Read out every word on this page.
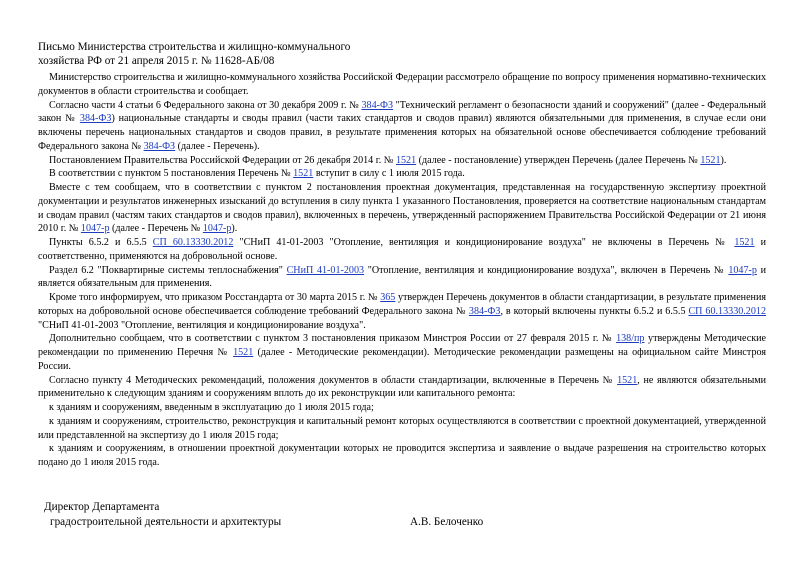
Письмо Министерства строительства и жилищно-коммунального
хозяйства РФ от 21 апреля 2015 г. № 11628-АБ/08

Министерство строительства и жилищно-коммунального хозяйства Российской Федерации рассмотрело обращение по вопросу применения нормативно-технических документов в области строительства и сообщает.

Согласно части 4 статьи 6 Федерального закона от 30 декабря 2009 г. № 384-ФЗ "Технический регламент о безопасности зданий и сооружений" (далее - Федеральный закон № 384-ФЗ) национальные стандарты и своды правил (части таких стандартов и сводов правил) являются обязательными для применения, в случае если они включены перечень национальных стандартов и сводов правил, в результате применения которых на обязательной основе обеспечивается соблюдение требований Федерального закона № 384-ФЗ (далее - Перечень).

Постановлением Правительства Российской Федерации от 26 декабря 2014 г. № 1521 (далее - постановление) утвержден Перечень (далее Перечень № 1521).

В соответствии с пунктом 5 постановления Перечень № 1521 вступит в силу с 1 июля 2015 года.

Вместе с тем сообщаем, что в соответствии с пунктом 2 постановления проектная документация, представленная на государственную экспертизу проектной документации и результатов инженерных изысканий до вступления в силу пункта 1 указанного Постановления, проверяется на соответствие национальным стандартам и сводам правил (частям таких стандартов и сводов правил), включенных в перечень, утвержденный распоряжением Правительства Российской Федерации от 21 июня 2010 г. № 1047-р (далее - Перечень № 1047-р).

Пункты 6.5.2 и 6.5.5 СП 60.13330.2012 "СНиП 41-01-2003 "Отопление, вентиляция и кондиционирование воздуха" не включены в Перечень № 1521 и соответственно, применяются на добровольной основе.

Раздел 6.2 "Поквартирные системы теплоснабжения" СНиП 41-01-2003 "Отопление, вентиляция и кондиционирование воздуха", включен в Перечень № 1047-р и является обязательным для применения.

Кроме того информируем, что приказом Росстандарта от 30 марта 2015 г. № 365 утвержден Перечень документов в области стандартизации, в результате применения которых на добровольной основе обеспечивается соблюдение требований Федерального закона № 384-ФЗ, в который включены пункты 6.5.2 и 6.5.5 СП 60.13330.2012 "СНиП 41-01-2003 "Отопление, вентиляция и кондиционирование воздуха".

Дополнительно сообщаем, что в соответствии с пунктом 3 постановления приказом Минстроя России от 27 февраля 2015 г. № 138/пр утверждены Методические рекомендации по применению Перечня № 1521 (далее - Методические рекомендации). Методические рекомендации размещены на официальном сайте Минстроя России.

Согласно пункту 4 Методических рекомендаций, положения документов в области стандартизации, включенные в Перечень № 1521, не являются обязательными применительно к следующим зданиям и сооружениям вплоть до их реконструкции или капитального ремонта:

к зданиям и сооружениям, введенным в эксплуатацию до 1 июля 2015 года;

к зданиям и сооружениям, строительство, реконструкция и капитальный ремонт которых осуществляются в соответствии с проектной документацией, утвержденной или представленной на экспертизу до 1 июля 2015 года;

к зданиям и сооружениям, в отношении проектной документации которых не проводится экспертиза и заявление о выдаче разрешения на строительство которых подано до 1 июля 2015 года.

Директор Департамента
градостроительной деятельности и архитектуры	А.В. Белоченко
